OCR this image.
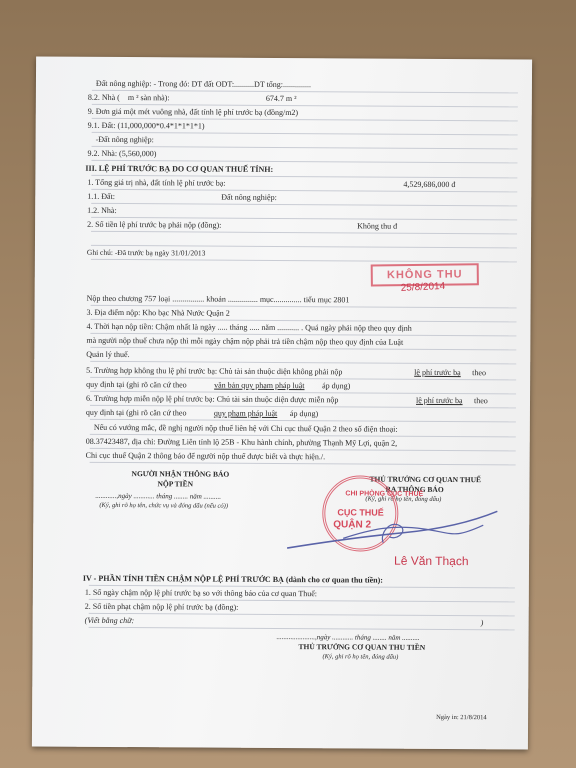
Đất nông nghiệp: - Trong đó: DT đất ODT:..........DT tổng:..............
8.2. Nhà ( m ² sàn nhà):	674.7 m ²
9. Đơn giá một mét vuông nhà, đất tính lệ phí trước bạ (đồng/m2)
9.1. Đất: (11,000,000*0.4*1*1*1*1)
-Đất nông nghiệp:
9.2. Nhà: (5,560,000)
III. LỆ PHÍ TRƯỚC BẠ DO CƠ QUAN THUẾ TÍNH:
1. Tổng giá trị nhà, đất tính lệ phí trước bạ:	4,529,686,000 đ
1.1. Đất:	Đất nông nghiệp:
1.2. Nhà:
2. Số tiền lệ phí trước bạ phải nộp (đồng):	Không thu đ
Ghi chú: -Đã trước bạ ngày 31/01/2013
KHÔNG THU
25/8/2014
Nộp theo chương 757 loại ................ khoản ............... mục.............. tiểu mục 2801
3. Địa điểm nộp: Kho bạc Nhà Nước Quận 2
4. Thời hạn nộp tiền: Chậm nhất là ngày ..... tháng ..... năm ........... . Quá ngày phải nộp theo quy định
mà người nộp thuế chưa nộp thì mỗi ngày chậm nộp phải trả tiền chậm nộp theo quy định của Luật
Quản lý thuế.
5. Trường hợp không thu lệ phí trước bạ: Chủ tài sản thuộc diện không phải nộp	lệ phí trước bạ theo
quy định tại (ghi rõ căn cứ theo	văn bản quy phạm pháp luật áp dụng)
6. Trường hợp miễn nộp lệ phí trước bạ: Chủ tài sản thuộc diện được miễn nộp	lệ phí trước bạ theo
quy định tại (ghi rõ căn cứ theo	quy phạm pháp luật áp dụng)
Nếu có vướng mắc, đề nghị người nộp thuế liên hệ với Chi cục thuế Quận 2 theo số điện thoại:
08.37423487, địa chỉ: Đường Liên tỉnh lộ 25B - Khu hành chính, phường Thạnh Mỹ Lợi, quận 2,
Chi cục thuế Quận 2 thông báo để người nộp thuế được biết và thực hiện./.
NGƯỜI NHẬN THÔNG BÁO
NỘP TIỀN
............,ngày ............ tháng ........ năm ..........
(Ký, ghi rõ họ tên, chức vụ và đóng dấu (nếu có))
THỦ TRƯỞNG CƠ QUAN THUẾ
RA THÔNG BÁO
(Ký, ghi rõ họ tên, đóng dấu)
CHI PHÒNG CỤC THUẾ
CỤC THUẾ
QUẬN 2
Lê Văn Thạch
IV - PHẦN TÍNH TIỀN CHẬM NỘP LỆ PHÍ TRƯỚC BẠ (dành cho cơ quan thu tiền):
1. Số ngày chậm nộp lệ phí trước bạ so với thông báo của cơ quan Thuế:
2. Số tiền phạt chậm nộp lệ phí trước bạ (đồng):
(Viết bằng chữ:	)
......................,ngày ............ tháng ........ năm ..........
THỦ TRƯỞNG CƠ QUAN THU TIỀN
(Ký, ghi rõ họ tên, đóng dấu)
Ngày in: 21/8/2014
